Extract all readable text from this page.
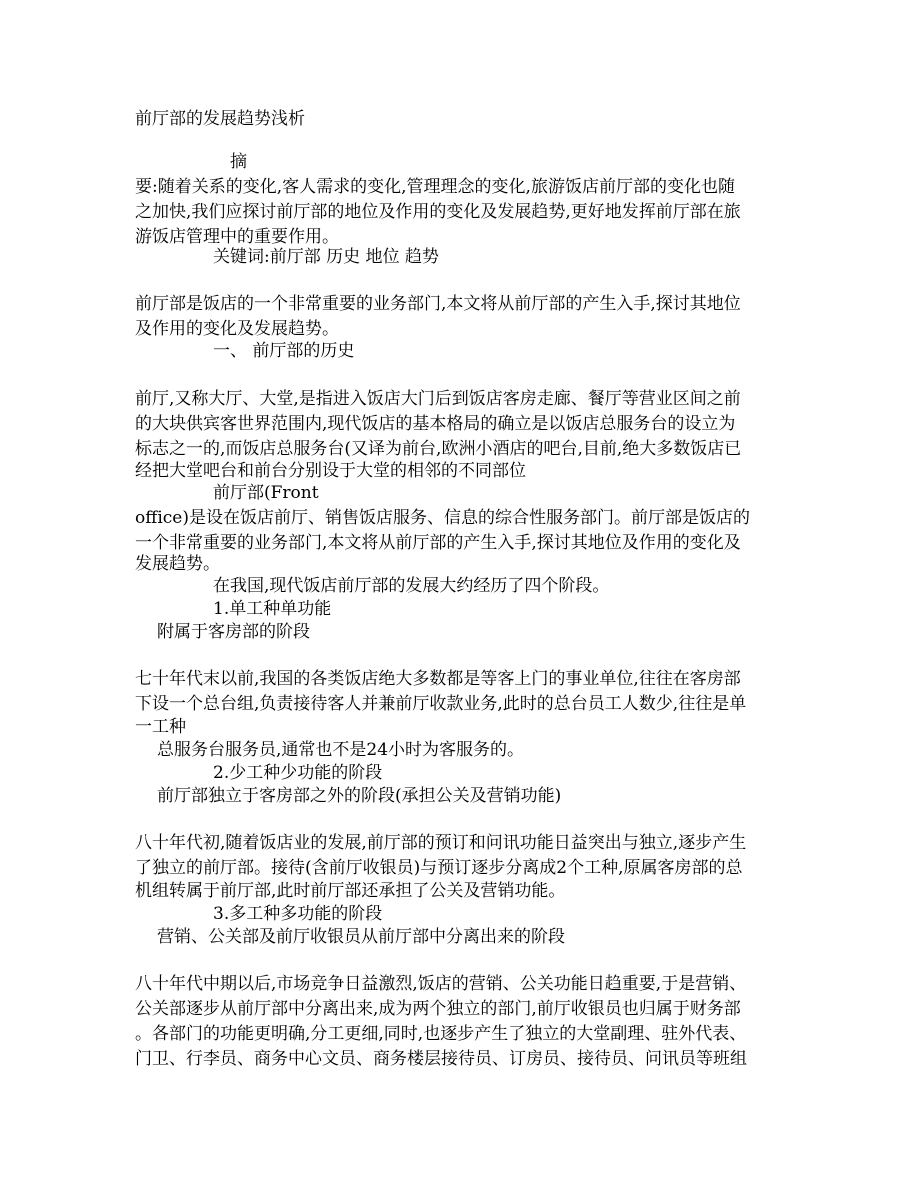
前厅部的发展趋势浅析
摘
要:随着关系的变化,客人需求的变化,管理理念的变化,旅游饭店前厅部的变化也随
之加快,我们应探讨前厅部的地位及作用的变化及发展趋势,更好地发挥前厅部在旅
游饭店管理中的重要作用。
关键词:前厅部 历史 地位 趋势
前厅部是饭店的一个非常重要的业务部门,本文将从前厅部的产生入手,探讨其地位
及作用的变化及发展趋势。
一、 前厅部的历史
前厅,又称大厅、大堂,是指进入饭店大门后到饭店客房走廊、餐厅等营业区间之前
的大块供宾客世界范围内,现代饭店的基本格局的确立是以饭店总服务台的设立为
标志之一的,而饭店总服务台(又译为前台,欧洲小酒店的吧台,目前,绝大多数饭店已
经把大堂吧台和前台分别设于大堂的相邻的不同部位
前厅部(Front
office)是设在饭店前厅、销售饭店服务、信息的综合性服务部门。前厅部是饭店的
一个非常重要的业务部门,本文将从前厅部的产生入手,探讨其地位及作用的变化及
发展趋势。
在我国,现代饭店前厅部的发展大约经历了四个阶段。
1.单工种单功能
附属于客房部的阶段
七十年代末以前,我国的各类饭店绝大多数都是等客上门的事业单位,往往在客房部
下设一个总台组,负责接待客人并兼前厅收款业务,此时的总台员工人数少,往往是单
一工种
总服务台服务员,通常也不是24小时为客服务的。
2.少工种少功能的阶段
前厅部独立于客房部之外的阶段(承担公关及营销功能)
八十年代初,随着饭店业的发展,前厅部的预订和问讯功能日益突出与独立,逐步产生
了独立的前厅部。接待(含前厅收银员)与预订逐步分离成2个工种,原属客房部的总
机组转属于前厅部,此时前厅部还承担了公关及营销功能。
3.多工种多功能的阶段
营销、公关部及前厅收银员从前厅部中分离出来的阶段
八十年代中期以后,市场竞争日益激烈,饭店的营销、公关功能日趋重要,于是营销、
公关部逐步从前厅部中分离出来,成为两个独立的部门,前厅收银员也归属于财务部
。各部门的功能更明确,分工更细,同时,也逐步产生了独立的大堂副理、驻外代表、
门卫、行李员、商务中心文员、商务楼层接待员、订房员、接待员、问讯员等班组
